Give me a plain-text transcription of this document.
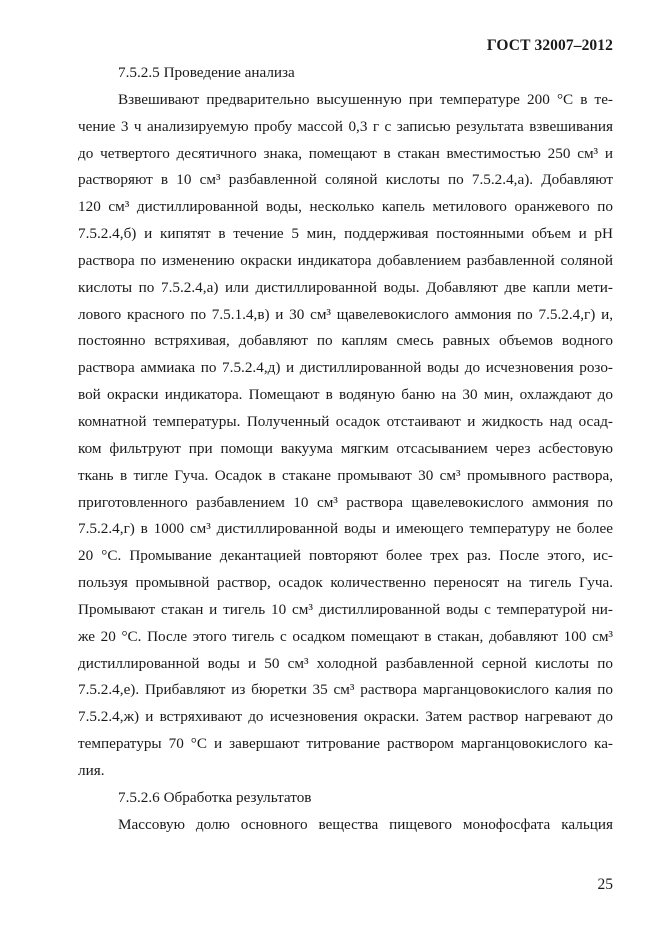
ГОСТ 32007–2012
7.5.2.5 Проведение анализа
Взвешивают предварительно высушенную при температуре 200 °С в те-
чение 3 ч анализируемую пробу массой 0,3 г с записью результата взвешивания
до четвертого десятичного знака, помещают в стакан вместимостью 250 см³ и
растворяют в 10 см³ разбавленной соляной кислоты по 7.5.2.4,а). Добавляют
120 см³ дистиллированной воды, несколько капель метилового оранжевого по
7.5.2.4,б) и кипятят в течение 5 мин, поддерживая постоянными объем и pH
раствора по изменению окраски индикатора добавлением разбавленной соляной
кислоты по 7.5.2.4,а) или дистиллированной воды. Добавляют две капли мети-
лового красного по 7.5.1.4,в) и 30 см³ щавелевокислого аммония по 7.5.2.4,г) и,
постоянно встряхивая, добавляют по каплям смесь равных объемов водного
раствора аммиака по 7.5.2.4,д) и дистиллированной воды до исчезновения розо-
вой окраски индикатора. Помещают в водяную баню на 30 мин, охлаждают до
комнатной температуры. Полученный осадок отстаивают и жидкость над осад-
ком фильтруют при помощи вакуума мягким отсасыванием через асбестовую
ткань в тигле Гуча. Осадок в стакане промывают 30 см³ промывного раствора,
приготовленного разбавлением 10 см³ раствора щавелевокислого аммония по
7.5.2.4,г) в 1000 см³ дистиллированной воды и имеющего температуру не более
20 °С. Промывание декантацией повторяют более трех раз. После этого, ис-
пользуя промывной раствор, осадок количественно переносят на тигель Гуча.
Промывают стакан и тигель 10 см³ дистиллированной воды с температурой ни-
же 20 °С. После этого тигель с осадком помещают в стакан, добавляют 100 см³
дистиллированной воды и 50 см³ холодной разбавленной серной кислоты по
7.5.2.4,е). Прибавляют из бюретки 35 см³ раствора марганцовокислого калия по
7.5.2.4,ж) и встряхивают до исчезновения окраски. Затем раствор нагревают до
температуры 70 °С и завершают титрование раствором марганцовокислого ка-
лия.
7.5.2.6 Обработка результатов
Массовую долю основного вещества пищевого монофосфата кальция
25
